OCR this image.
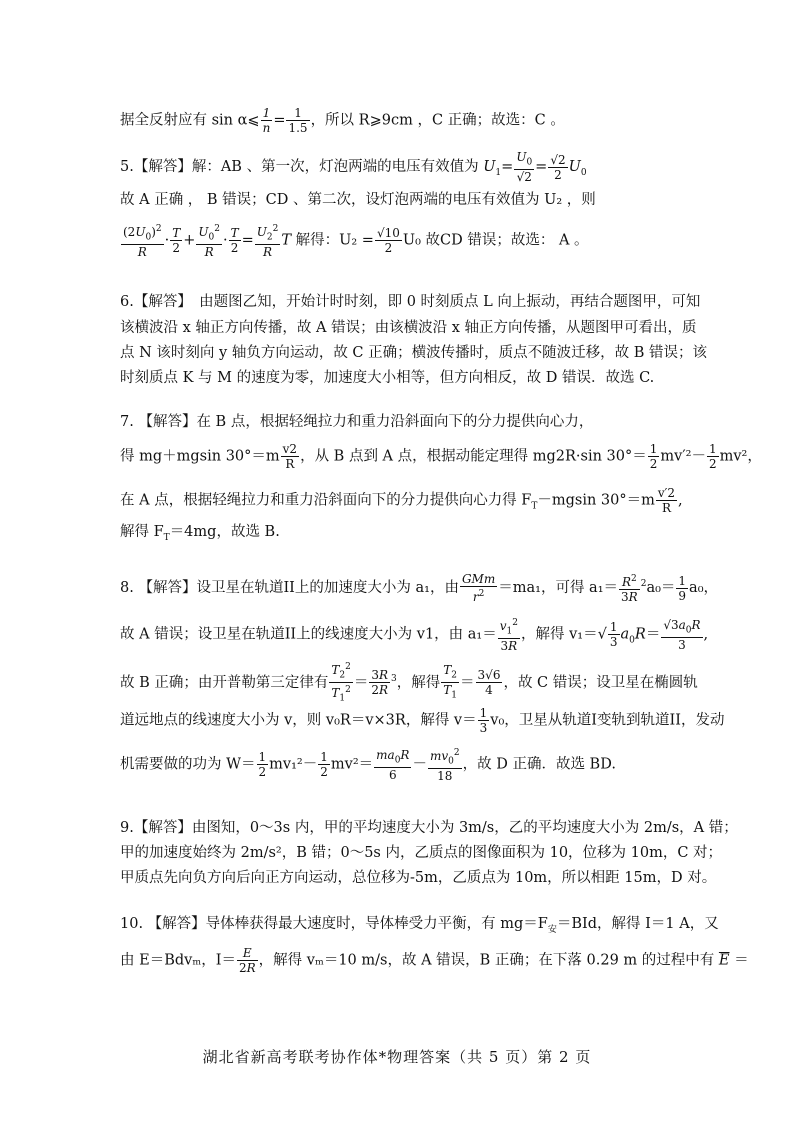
据全反射应有 sin α⩽ $\frac{1}{n} = \frac{1}{1.5}$ ，所以 R⩾9cm ，C 正确；故选：C 。
5.【解答】解：AB 、第一次，灯泡两端的电压有效值为 $U_1= \frac{U_0}{√2} = \frac{√2}{2} U_0$
故 A 正确 ， B 错误；CD 、第二次，设灯泡两端的电压有效值为 U₂ ，则
$\frac{(2U_0)^2}{R} \cdot \frac{T}{2} + \frac{U_0^2}{R} \cdot \frac{T}{2} = \frac{U_2^2}{R}$ T 解得：$U_2 = \frac{√10}{2} U_0$ 故CD 错误；故选： A 。
6.【解答】　由题图乙知，开始计时时刻，即 0 时刻质点 L 向上振动，再结合题图甲，可知
该横波沿 x 轴正方向传播，故 A 错误；由该横波沿 x 轴正方向传播，从题图甲可看出，质
点 N 该时刻向 y 轴负方向运动，故 C 正确；横波传播时，质点不随波迁移，故 B 错误；该
时刻质点 K 与 M 的速度为零，加速度大小相等，但方向相反，故 D 错误．故选 C.
7. 【解答】在 B 点，根据轻绳拉力和重力沿斜面向下的分力提供向心力，
得 mg＋mgsin $30^\circ=m \frac{v2}{R}$ ，从 B 点到 A 点，根据动能定理得 mg2R·sin $30^\circ= \frac{1}{2} mv'^2- \frac{1}{2} mv^2$，
在 A 点，根据轻绳拉力和重力沿斜面向下的分力提供向心力得 $F_T-mgsin$ $30^\circ=m \frac{v'2}{R}$ ,
解得 $F_T=4mg$，故选 B.
8. 【解答】设卫星在轨道II上的加速度大小为 a₁，由 $\frac{\text{GMm}}{r^2} =ma_1$，可得 $a_1= \frac{R^2}{3R} ^2a_0= \frac{1}{9} a_0$，
故 A 错误；设卫星在轨道II上的线速度大小为 v1，由 $a_1= \frac{v_1^2}{3R}$ ，解得 $v_1=√ \frac{1}{3} a_0R= \frac{√3a_0R}{3}$ ,
故 B 正确；由开普勒第三定律有 $\frac{T_2^2}{T_1^2} = \frac{3R}{2R} ^3$，解得 $\frac{T_2}{T_1} = \frac{3√6}{4}$ ，故 C 错误；设卫星在椭圆轨
道远地点的线速度大小为 v，则 v₀R＝v×3R，解得 $v= \frac{1}{3} v_0$，卫星从轨道I变轨到轨道II，发动
机需要做的功为 $W= \frac{1}{2} mv_1^2- \frac{1}{2} mv^2= \frac{ma_0R}{6} - \frac{mv_0^2}{18}$ ，故 D 正确．故选 BD.
9.【解答】由图知，0～3s 内，甲的平均速度大小为 3m/s，乙的平均速度大小为 2m/s，A 错；
甲的加速度始终为 2m/s²，B 错；0～5s 内，乙质点的图像面积为 10，位移为 10m，C 对；
甲质点先向负方向后向正方向运动，总位移为-5m，乙质点为 10m，所以相距 15m，D 对。
10. 【解答】导体棒获得最大速度时，导体棒受力平衡，有 $mg=F_安=BId$，解得 I＝1 A，又
由 E＝Bdvₘ，$I= \frac{E}{2R}$ ，解得 vₘ＝10 m/s，故 A 错误，B 正确；在下落 0.29 m 的过程中有 $\overline{E}$ ＝
湖北省新高考联考协作体*物理答案（共 5 页）第 2 页
